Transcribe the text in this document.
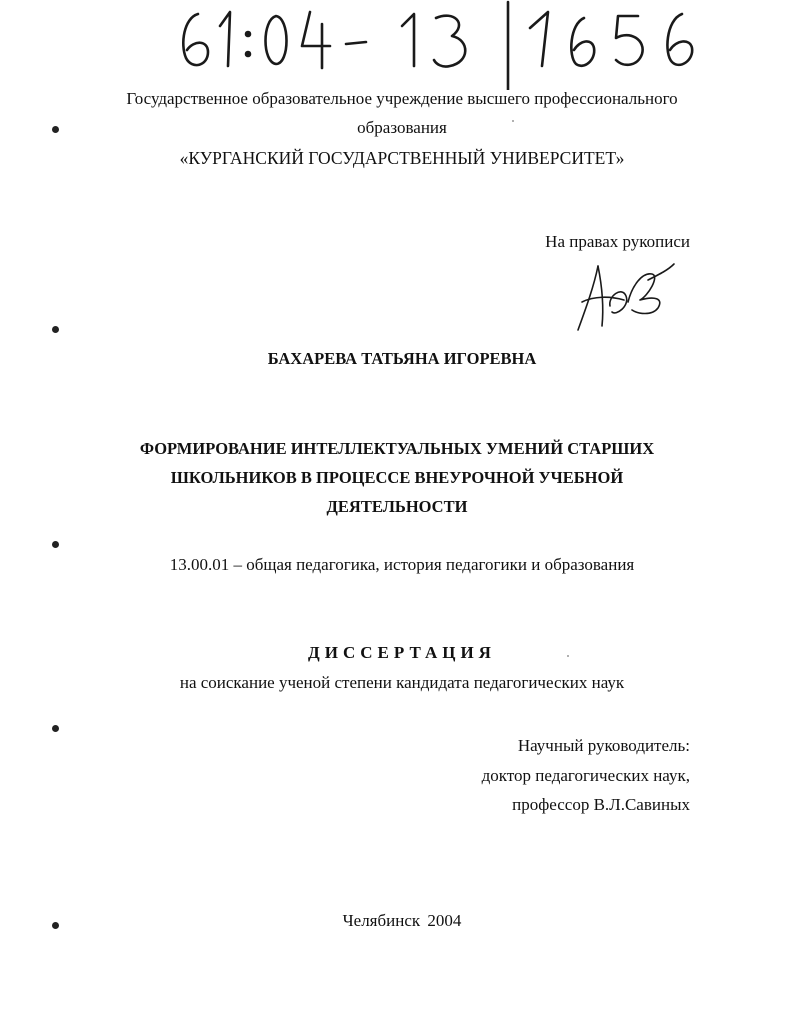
Государственное образовательное учреждение высшего профессионального
образования
«КУРГАНСКИЙ ГОСУДАРСТВЕННЫЙ УНИВЕРСИТЕТ»
На правах рукописи
БАХАРЕВА ТАТЬЯНА ИГОРЕВНА
ФОРМИРОВАНИЕ ИНТЕЛЛЕКТУАЛЬНЫХ УМЕНИЙ СТАРШИХ
ШКОЛЬНИКОВ В ПРОЦЕССЕ ВНЕУРОЧНОЙ УЧЕБНОЙ
ДЕЯТЕЛЬНОСТИ
13.00.01 – общая педагогика, история педагогики и образования
ДИССЕРТАЦИЯ
на соискание ученой степени кандидата педагогических наук
Научный руководитель:
доктор педагогических наук,
профессор В.Л.Савиных
Челябинск 2004
